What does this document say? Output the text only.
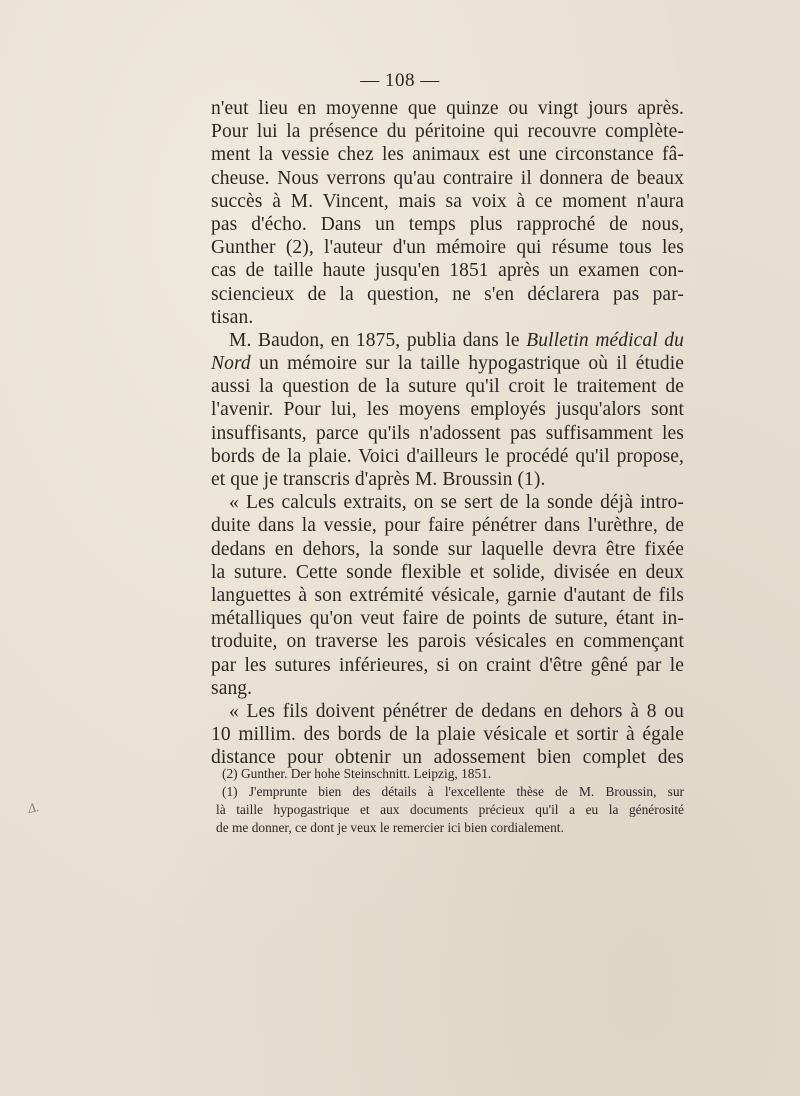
— 108 —
n'eut lieu en moyenne que quinze ou vingt jours après.
Pour lui la présence du péritoine qui recouvre complète-
ment la vessie chez les animaux est une circonstance fâ-
cheuse. Nous verrons qu'au contraire il donnera de beaux
succès à M. Vincent, mais sa voix à ce moment n'aura
pas d'écho. Dans un temps plus rapproché de nous,
Gunther (2), l'auteur d'un mémoire qui résume tous les
cas de taille haute jusqu'en 1851 après un examen con-
sciencieux de la question, ne s'en déclarera pas par-
tisan.
M. Baudon, en 1875, publia dans le Bulletin médical du
Nord un mémoire sur la taille hypogastrique où il étudie
aussi la question de la suture qu'il croit le traitement de
l'avenir. Pour lui, les moyens employés jusqu'alors sont
insuffisants, parce qu'ils n'adossent pas suffisamment les
bords de la plaie. Voici d'ailleurs le procédé qu'il propose,
et que je transcris d'après M. Broussin (1).
« Les calculs extraits, on se sert de la sonde déjà intro-
duite dans la vessie, pour faire pénétrer dans l'urèthre, de
dedans en dehors, la sonde sur laquelle devra être fixée
la suture. Cette sonde flexible et solide, divisée en deux
languettes à son extrémité vésicale, garnie d'autant de fils
métalliques qu'on veut faire de points de suture, étant in-
troduite, on traverse les parois vésicales en commençant
par les sutures inférieures, si on craint d'être gêné par le
sang.
« Les fils doivent pénétrer de dedans en dehors à 8 ou
10 millim. des bords de la plaie vésicale et sortir à égale
distance pour obtenir un adossement bien complet des
(2) Gunther. Der hohe Steinschnitt. Leipzig, 1851.
(1) J'emprunte bien des détails à l'excellente thèse de M. Broussin, sur
là taille hypogastrique et aux documents précieux qu'il a eu la générosité
de me donner, ce dont je veux le remercier ici bien cordialement.
Δ.
